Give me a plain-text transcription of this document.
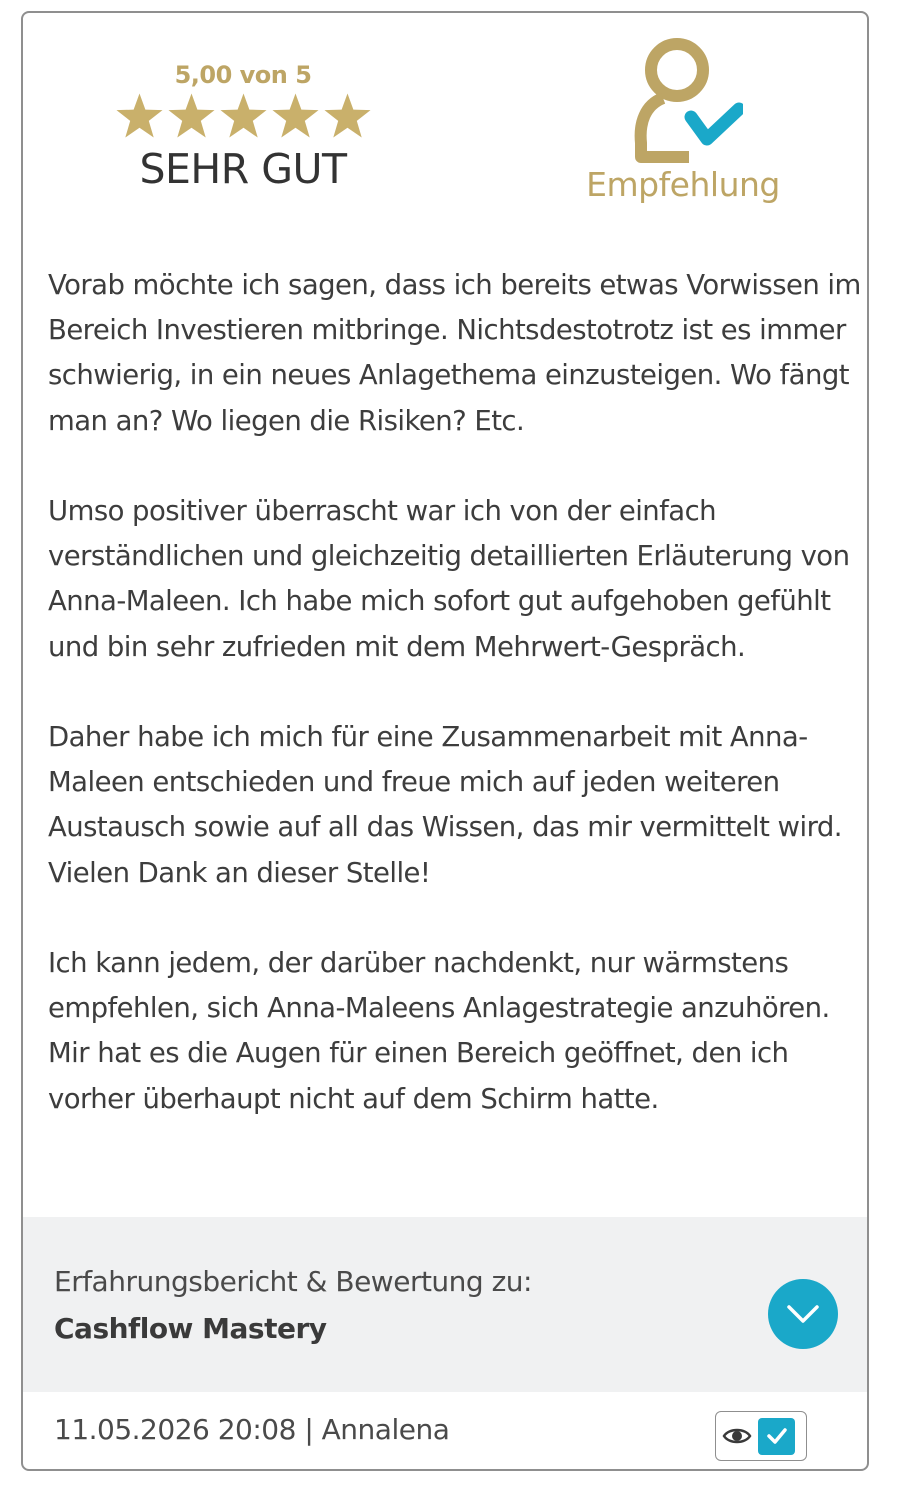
5,00 von 5
SEHR GUT	Empfehlung

Vorab möchte ich sagen, dass ich bereits etwas Vorwissen im Bereich Investieren mitbringe. Nichtsdestotrotz ist es immer schwierig, in ein neues Anlagethema einzusteigen. Wo fängt man an? Wo liegen die Risiken? Etc.

Umso positiver überrascht war ich von der einfach verständlichen und gleichzeitig detaillierten Erläuterung von Anna-Maleen. Ich habe mich sofort gut aufgehoben gefühlt und bin sehr zufrieden mit dem Mehrwert-Gespräch.

Daher habe ich mich für eine Zusammenarbeit mit Anna-Maleen entschieden und freue mich auf jeden weiteren Austausch sowie auf all das Wissen, das mir vermittelt wird. Vielen Dank an dieser Stelle!

Ich kann jedem, der darüber nachdenkt, nur wärmstens empfehlen, sich Anna-Maleens Anlagestrategie anzuhören. Mir hat es die Augen für einen Bereich geöffnet, den ich vorher überhaupt nicht auf dem Schirm hatte.

Erfahrungsbericht & Bewertung zu:
Cashflow Mastery
11.05.2026 20:08 | Annalena
